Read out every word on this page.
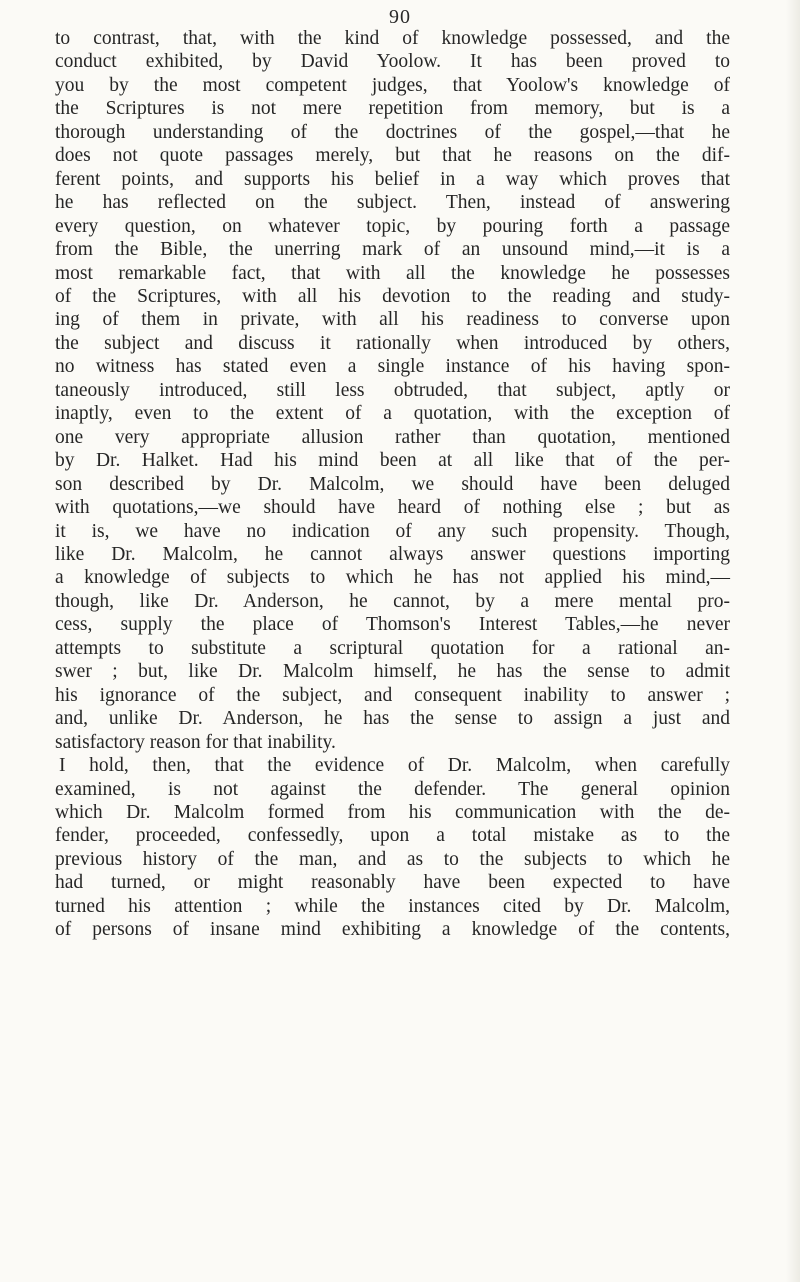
90
to contrast, that, with the kind of knowledge possessed, and the
conduct exhibited, by David Yoolow. It has been proved to
you by the most competent judges, that Yoolow's knowledge of
the Scriptures is not mere repetition from memory, but is a
thorough understanding of the doctrines of the gospel,—that he
does not quote passages merely, but that he reasons on the dif-
ferent points, and supports his belief in a way which proves that
he has reflected on the subject. Then, instead of answering
every question, on whatever topic, by pouring forth a passage
from the Bible, the unerring mark of an unsound mind,—it is a
most remarkable fact, that with all the knowledge he possesses
of the Scriptures, with all his devotion to the reading and study-
ing of them in private, with all his readiness to converse upon
the subject and discuss it rationally when introduced by others,
no witness has stated even a single instance of his having spon-
taneously introduced, still less obtruded, that subject, aptly or
inaptly, even to the extent of a quotation, with the exception of
one very appropriate allusion rather than quotation, mentioned
by Dr. Halket. Had his mind been at all like that of the per-
son described by Dr. Malcolm, we should have been deluged
with quotations,—we should have heard of nothing else ; but as
it is, we have no indication of any such propensity. Though,
like Dr. Malcolm, he cannot always answer questions importing
a knowledge of subjects to which he has not applied his mind,—
though, like Dr. Anderson, he cannot, by a mere mental pro-
cess, supply the place of Thomson's Interest Tables,—he never
attempts to substitute a scriptural quotation for a rational an-
swer ; but, like Dr. Malcolm himself, he has the sense to admit
his ignorance of the subject, and consequent inability to answer ;
and, unlike Dr. Anderson, he has the sense to assign a just and
satisfactory reason for that inability.
I hold, then, that the evidence of Dr. Malcolm, when carefully
examined, is not against the defender. The general opinion
which Dr. Malcolm formed from his communication with the de-
fender, proceeded, confessedly, upon a total mistake as to the
previous history of the man, and as to the subjects to which he
had turned, or might reasonably have been expected to have
turned his attention ; while the instances cited by Dr. Malcolm,
of persons of insane mind exhibiting a knowledge of the contents,
